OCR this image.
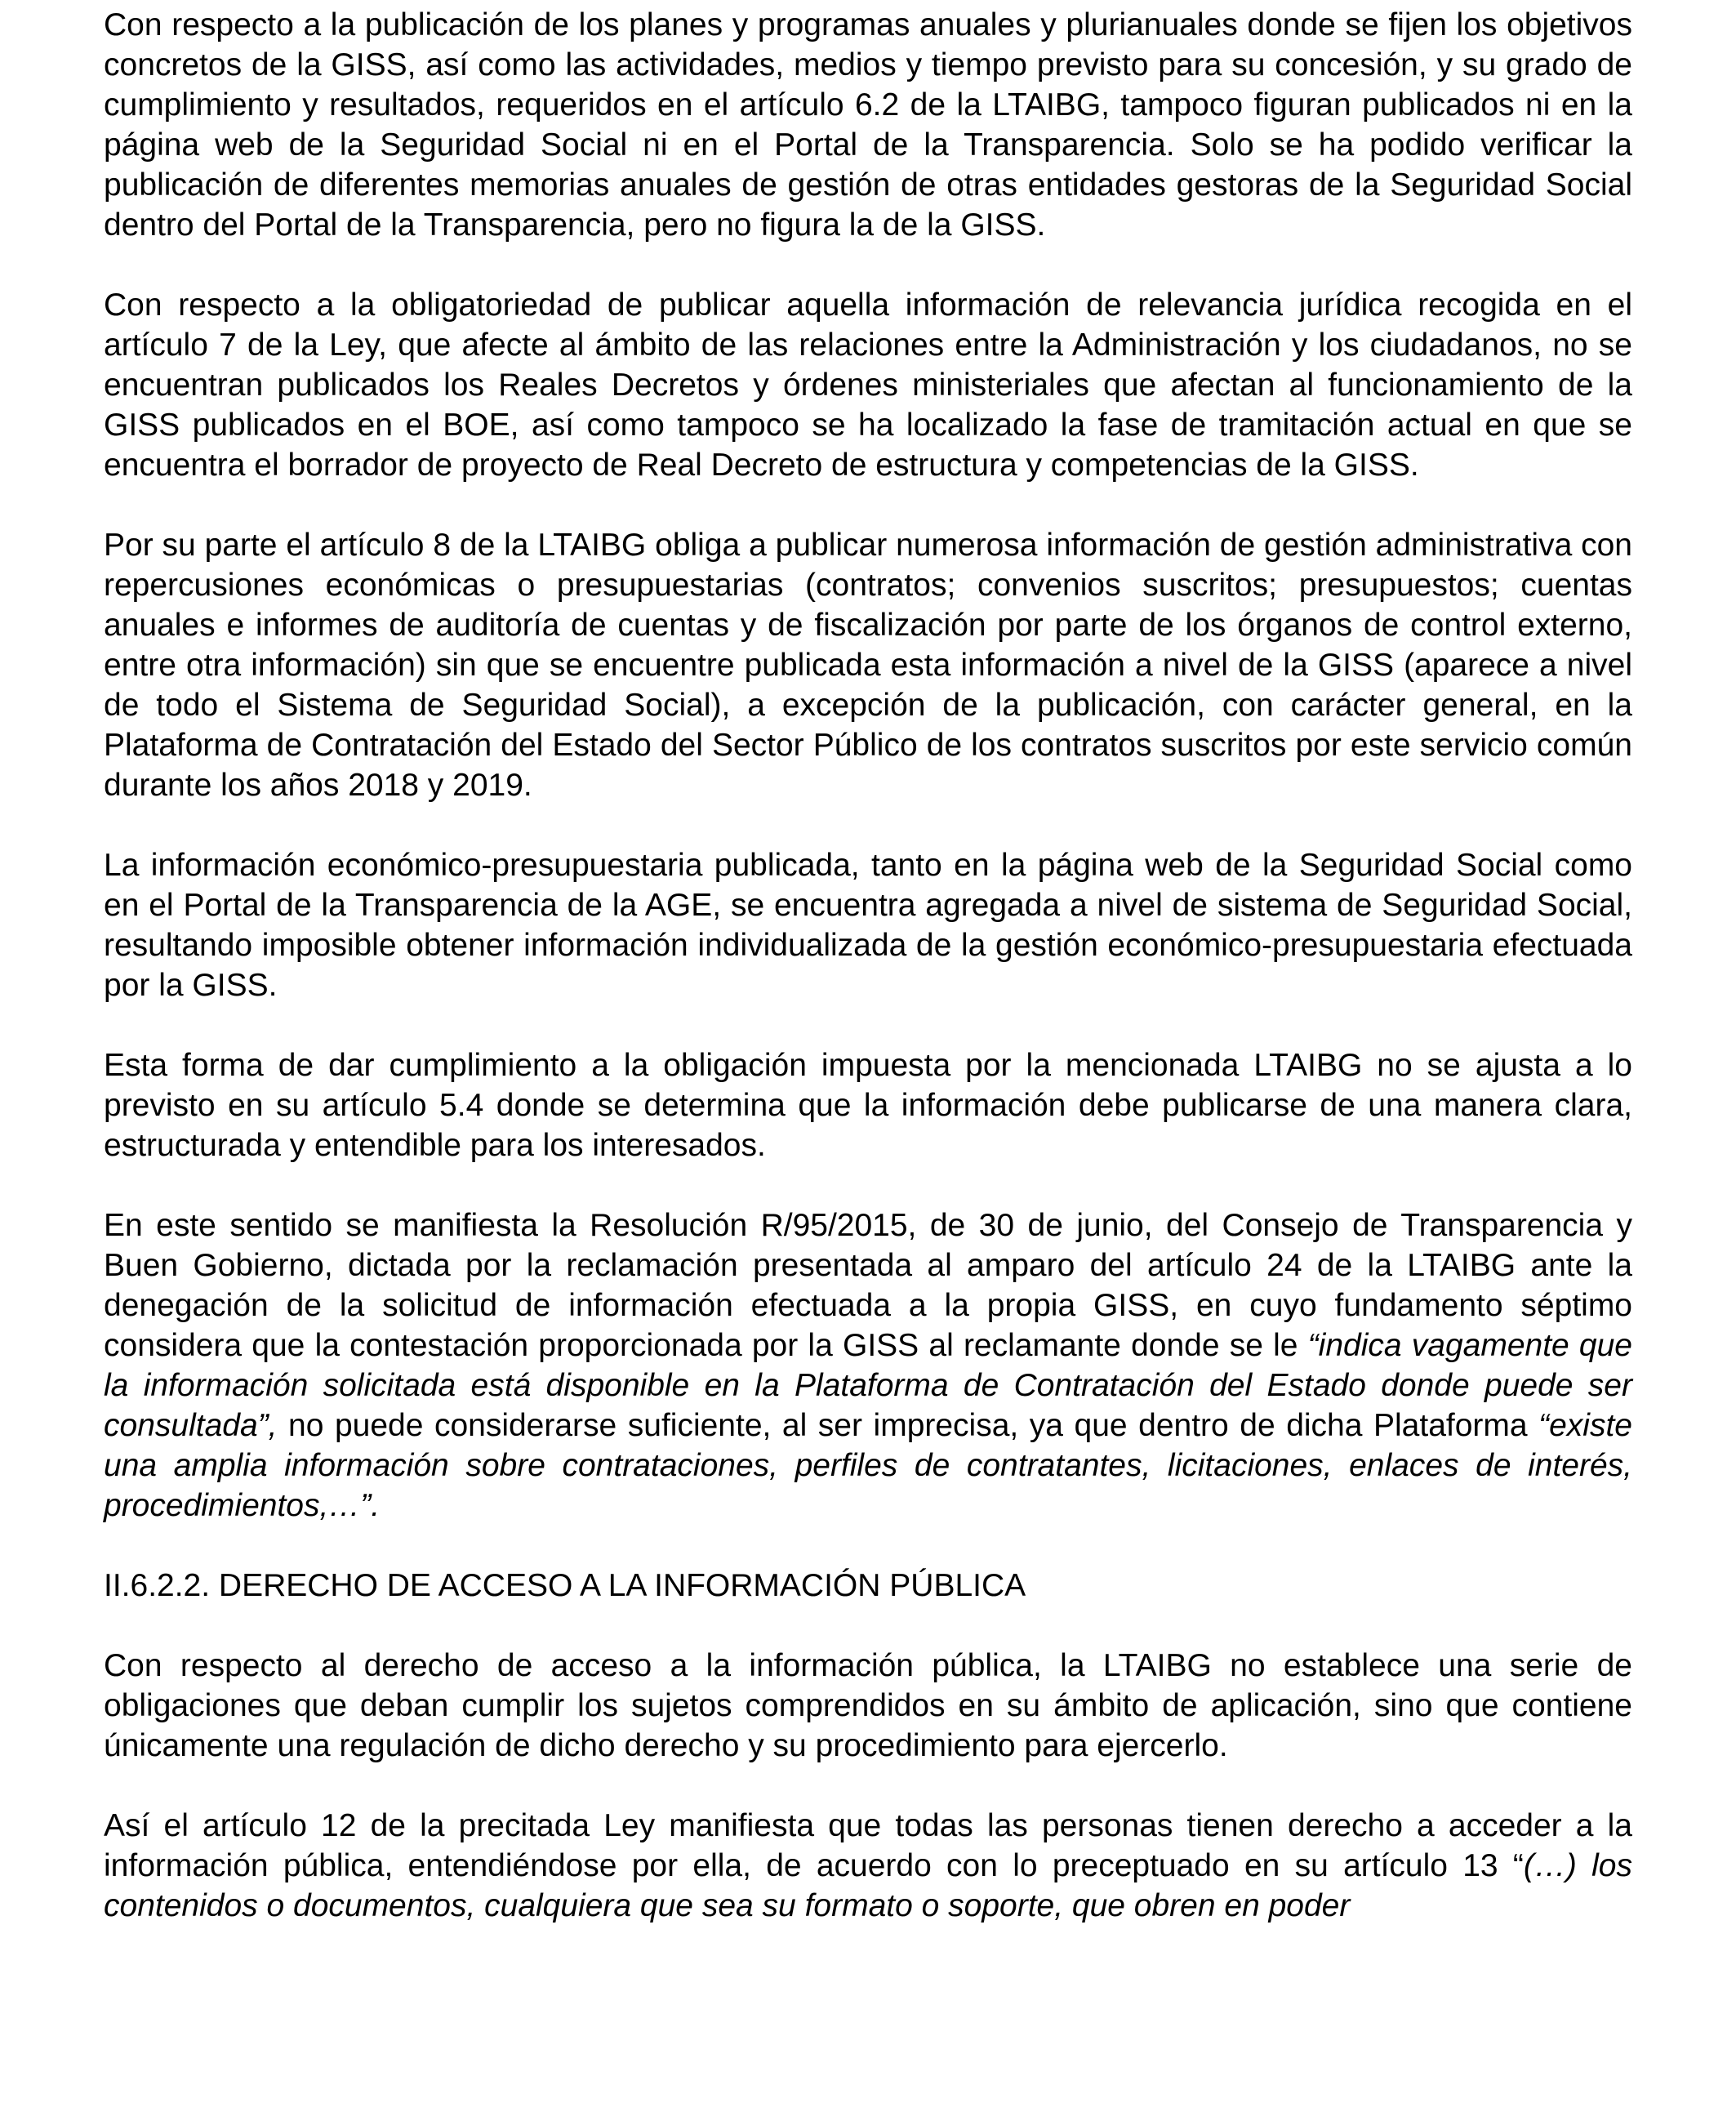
Con respecto a la publicación de los planes y programas anuales y plurianuales donde se fijen los objetivos concretos de la GISS, así como las actividades, medios y tiempo previsto para su concesión, y su grado de cumplimiento y resultados, requeridos en el artículo 6.2 de la LTAIBG, tampoco figuran publicados ni en la página web de la Seguridad Social ni en el Portal de la Transparencia. Solo se ha podido verificar la publicación de diferentes memorias anuales de gestión de otras entidades gestoras de la Seguridad Social dentro del Portal de la Transparencia, pero no figura la de la GISS.

Con respecto a la obligatoriedad de publicar aquella información de relevancia jurídica recogida en el artículo 7 de la Ley, que afecte al ámbito de las relaciones entre la Administración y los ciudadanos, no se encuentran publicados los Reales Decretos y órdenes ministeriales que afectan al funcionamiento de la GISS publicados en el BOE, así como tampoco se ha localizado la fase de tramitación actual en que se encuentra el borrador de proyecto de Real Decreto de estructura y competencias de la GISS.

Por su parte el artículo 8 de la LTAIBG obliga a publicar numerosa información de gestión administrativa con repercusiones económicas o presupuestarias (contratos; convenios suscritos; presupuestos; cuentas anuales e informes de auditoría de cuentas y de fiscalización por parte de los órganos de control externo, entre otra información) sin que se encuentre publicada esta información a nivel de la GISS (aparece a nivel de todo el Sistema de Seguridad Social), a excepción de la publicación, con carácter general, en la Plataforma de Contratación del Estado del Sector Público de los contratos suscritos por este servicio común durante los años 2018 y 2019.

La información económico-presupuestaria publicada, tanto en la página web de la Seguridad Social como en el Portal de la Transparencia de la AGE, se encuentra agregada a nivel de sistema de Seguridad Social, resultando imposible obtener información individualizada de la gestión económico-presupuestaria efectuada por la GISS.

Esta forma de dar cumplimiento a la obligación impuesta por la mencionada LTAIBG no se ajusta a lo previsto en su artículo 5.4 donde se determina que la información debe publicarse de una manera clara, estructurada y entendible para los interesados.

En este sentido se manifiesta la Resolución R/95/2015, de 30 de junio, del Consejo de Transparencia y Buen Gobierno, dictada por la reclamación presentada al amparo del artículo 24 de la LTAIBG ante la denegación de la solicitud de información efectuada a la propia GISS, en cuyo fundamento séptimo considera que la contestación proporcionada por la GISS al reclamante donde se le “indica vagamente que la información solicitada está disponible en la Plataforma de Contratación del Estado donde puede ser consultada”, no puede considerarse suficiente, al ser imprecisa, ya que dentro de dicha Plataforma “existe una amplia información sobre contrataciones, perfiles de contratantes, licitaciones, enlaces de interés, procedimientos,…”.

II.6.2.2. DERECHO DE ACCESO A LA INFORMACIÓN PÚBLICA

Con respecto al derecho de acceso a la información pública, la LTAIBG no establece una serie de obligaciones que deban cumplir los sujetos comprendidos en su ámbito de aplicación, sino que contiene únicamente una regulación de dicho derecho y su procedimiento para ejercerlo.

Así el artículo 12 de la precitada Ley manifiesta que todas las personas tienen derecho a acceder a la información pública, entendiéndose por ella, de acuerdo con lo preceptuado en su artículo 13 “(…) los contenidos o documentos, cualquiera que sea su formato o soporte, que obren en poder
